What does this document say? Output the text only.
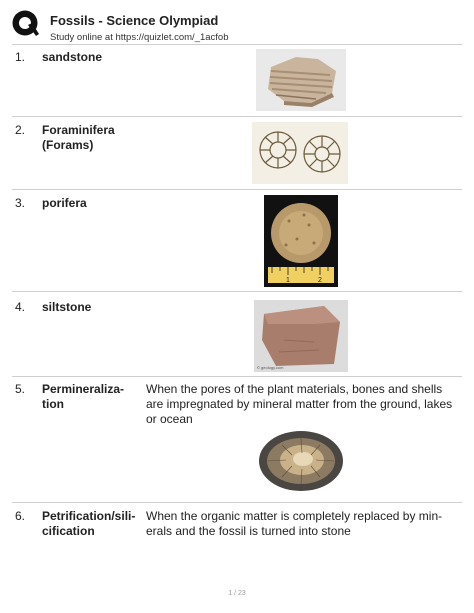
Fossils - Science Olympiad
Study online at https://quizlet.com/_1acfob
1. sandstone
2. Foraminifera (Forams)
3. porifera
1	2
4. siltstone
© geology.com
5. Permineraliza-tion
When the pores of the plant materials, bones and shells are impregnated by mineral matter from the ground, lakes or ocean
6. Petrification/sili-cification
When the organic matter is completely replaced by min-erals and the fossil is turned into stone
1 / 23
